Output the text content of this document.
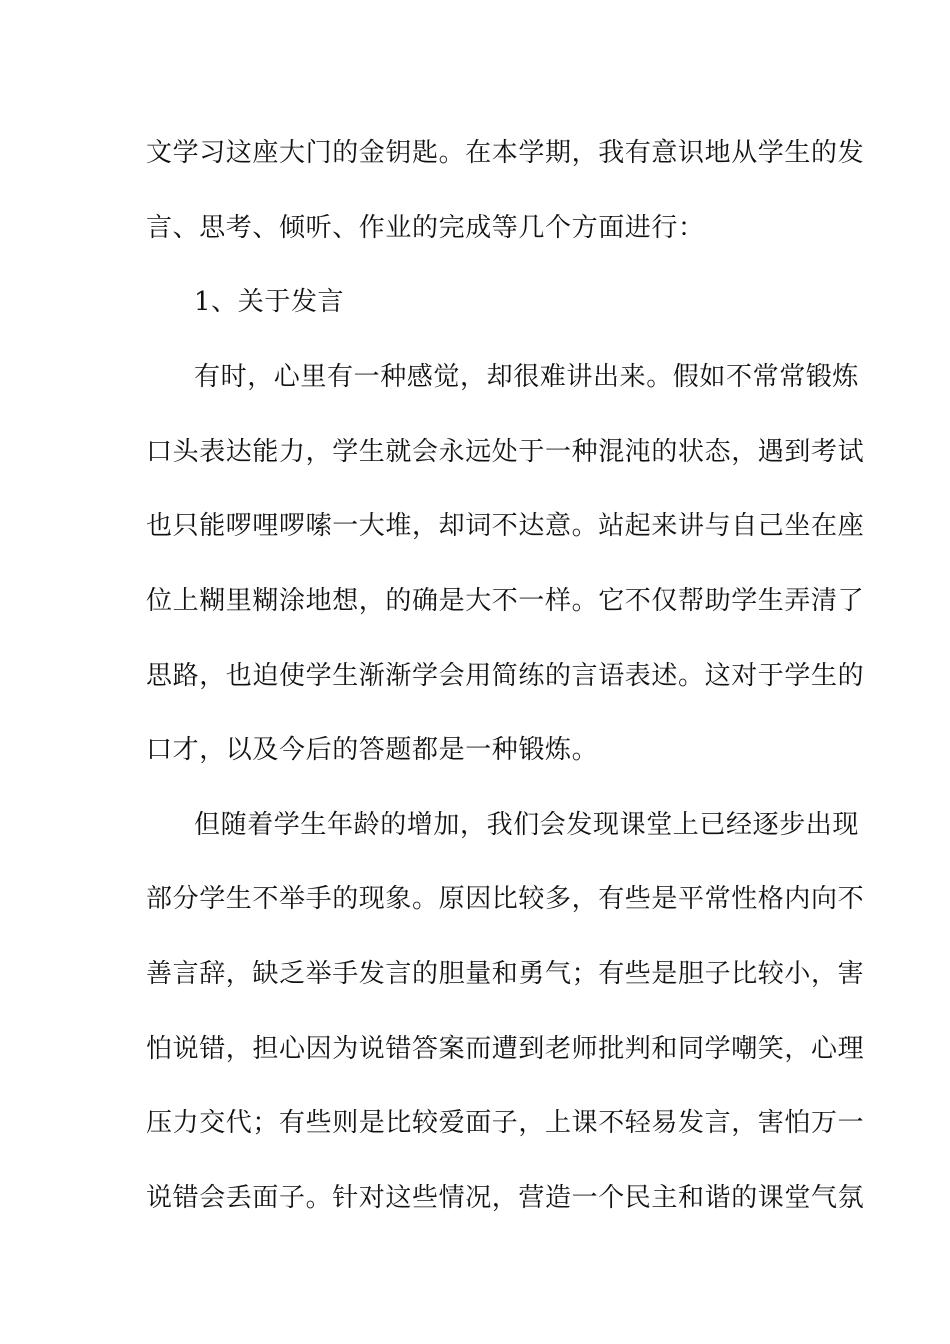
文学习这座大门的金钥匙。在本学期，我有意识地从学生的发
言、思考、倾听、作业的完成等几个方面进行：
1、关于发言
有时，心里有一种感觉，却很难讲出来。假如不常常锻炼
口头表达能力，学生就会永远处于一种混沌的状态，遇到考试
也只能啰哩啰嗦一大堆，却词不达意。站起来讲与自己坐在座
位上糊里糊涂地想，的确是大不一样。它不仅帮助学生弄清了
思路，也迫使学生渐渐学会用简练的言语表述。这对于学生的
口才，以及今后的答题都是一种锻炼。
但随着学生年龄的增加，我们会发现课堂上已经逐步出现
部分学生不举手的现象。原因比较多，有些是平常性格内向不
善言辞，缺乏举手发言的胆量和勇气；有些是胆子比较小，害
怕说错，担心因为说错答案而遭到老师批判和同学嘲笑，心理
压力交代；有些则是比较爱面子，上课不轻易发言，害怕万一
说错会丢面子。针对这些情况，营造一个民主和谐的课堂气氛
